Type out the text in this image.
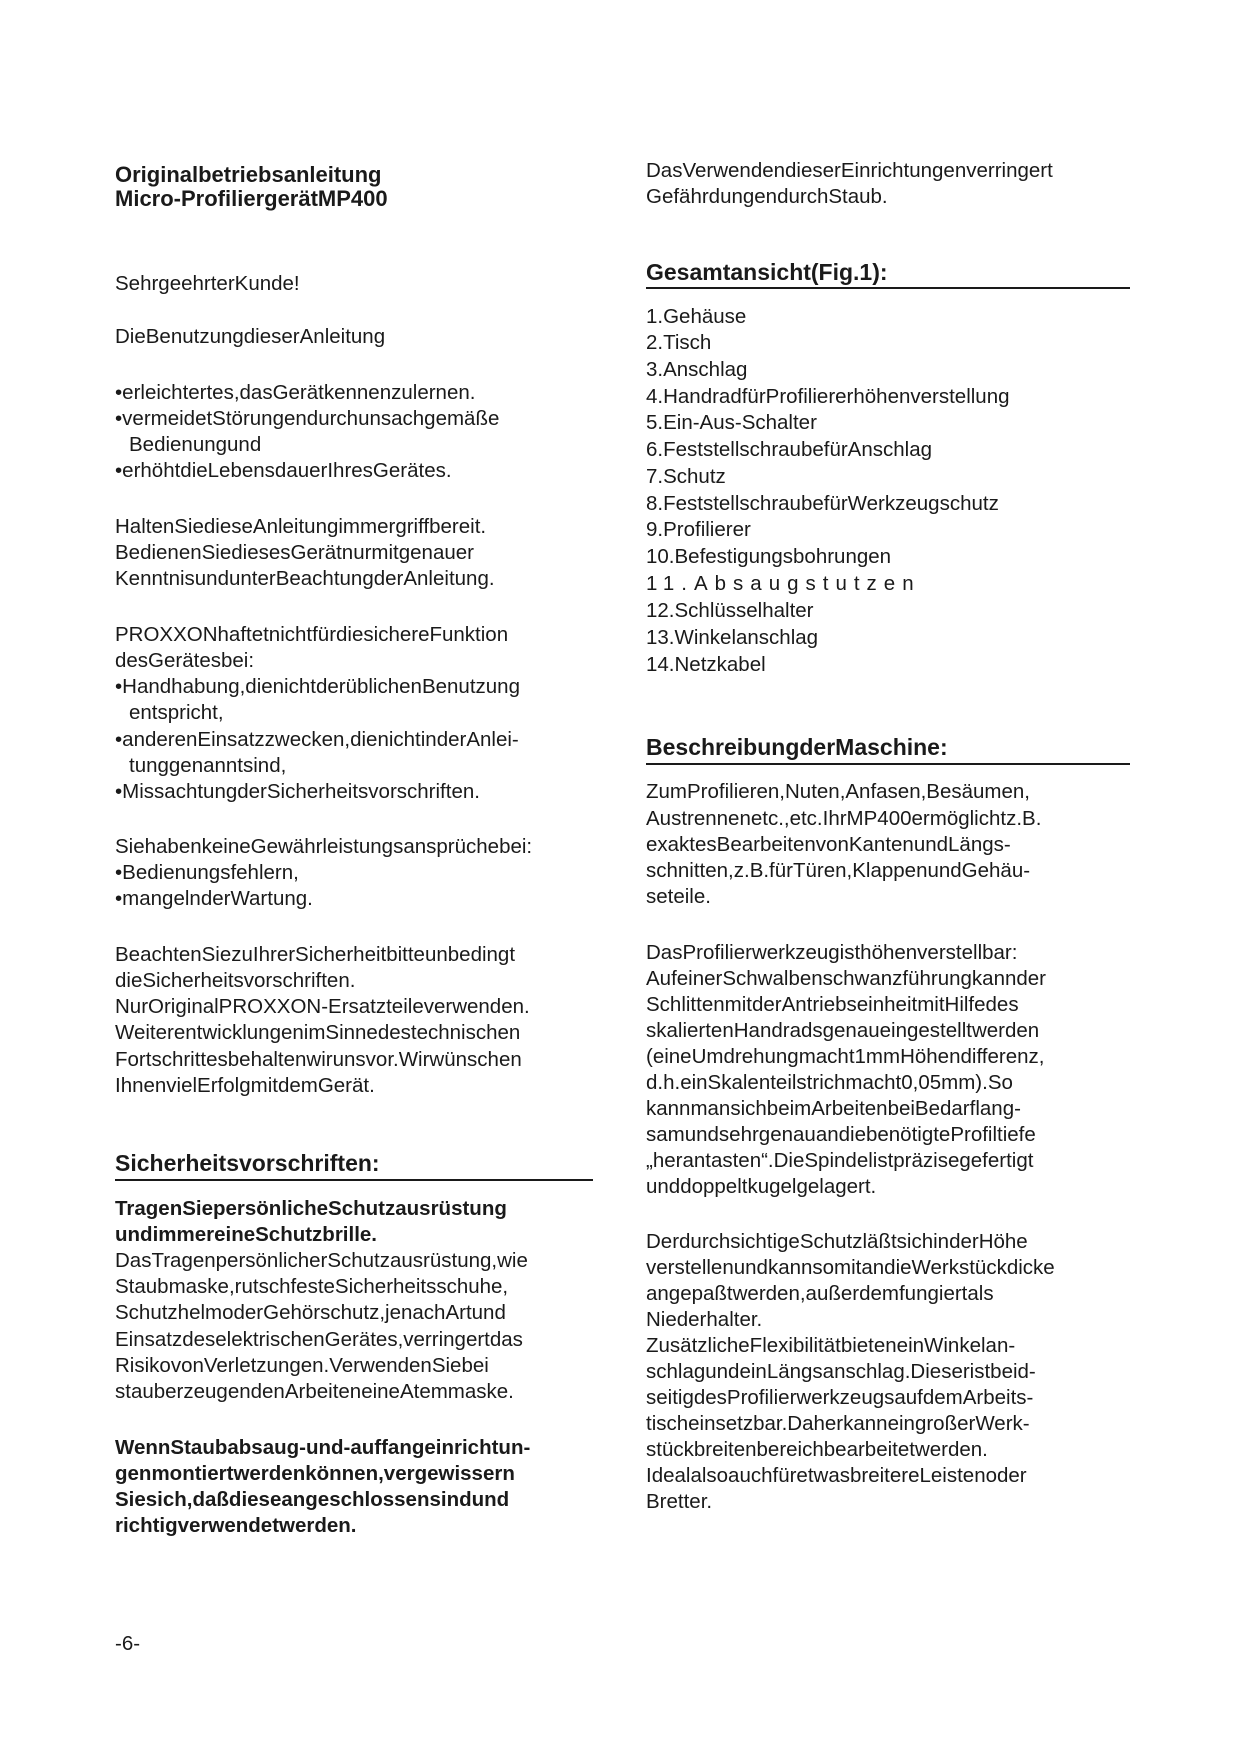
Originalbetriebsanleitung
Micro-ProfiliergerätMP400
SehrgeehrterKunde!
DieBenutzungdieserAnleitung
•erleichtertes,dasGerätkennenzulernen.
•vermeidetStörungendurchunsachgemäße
Bedienungund
•erhöhtdieLebensdauerIhresGerätes.
HaltenSiedieseAnleitungimmergriffbereit.
BedienenSiediesesGerätnurmitgenauer
KenntnisundunterBeachtungderAnleitung.
PROXXONhaftetnichtfürdiesichereFunktion
desGerätesbei:
•Handhabung,dienichtderüblichenBenutzung
entspricht,
•anderenEinsatzzwecken,dienichtinderAnlei-
tunggenanntsind,
•MissachtungderSicherheitsvorschriften.
SiehabenkeineGewährleistungsansprüchebei:
•Bedienungsfehlern,
•mangelnderWartung.
BeachtenSiezuIhrerSicherheitbitteunbedingt
dieSicherheitsvorschriften.
NurOriginalPROXXON-Ersatzteileverwenden.
WeiterentwicklungenimSinnedestechnischen
Fortschrittesbehaltenwirunsvor.Wirwünschen
IhnenvielErfolgmitdemGerät.
Sicherheitsvorschriften:
TragenSiepersönlicheSchutzausrüstung
undimmereineSchutzbrille.
DasTragenpersönlicherSchutzausrüstung,wie
Staubmaske,rutschfesteSicherheitsschuhe,
SchutzhelmoderGehörschutz,jenachArtund
EinsatzdeselektrischenGerätes,verringertdas
RisikovonVerletzungen.VerwendenSiebei
stauberzeugendenArbeiteneineAtemmaske.
WennStaubabsaug-und-auffangeinrichtun-
genmontiertwerdenkönnen,vergewissern
Siesich,daßdieseangeschlossensindund
richtigverwendetwerden.
DasVerwendendieserEinrichtungenverringert
GefährdungendurchStaub.
Gesamtansicht(Fig.1):
1.Gehäuse
2.Tisch
3.Anschlag
4.HandradfürProfiliererhöhenverstellung
5.Ein-Aus-Schalter
6.FeststellschraubefürAnschlag
7.Schutz
8.FeststellschraubefürWerkzeugschutz
9.Profilierer
10.Befestigungsbohrungen
11.Absaugstutzen
12.Schlüsselhalter
13.Winkelanschlag
14.Netzkabel
BeschreibungderMaschine:
ZumProfilieren,Nuten,Anfasen,Besäumen,
Austrennenetc.,etc.IhrMP400ermöglichtz.B.
exaktesBearbeitenvonKantenundLängs-
schnitten,z.B.fürTüren,KlappenundGehäu-
seteile.
DasProfilierwerkzeugisthöhenverstellbar:
AufeinerSchwalbenschwanzführungkannder
SchlittenmitderAntriebseinheitmitHilfedes
skaliertenHandradsgenaueingestelltwerden
(eineUmdrehungmacht1mmHöhendifferenz,
d.h.einSkalenteilstrichmacht0,05mm).So
kannmansichbeimArbeitenbeiBedarflang-
samundsehrgenauandiebenötigteProfiltiefe
„herantasten“.DieSpindelistpräzisegefertigt
unddoppeltkugelgelagert.
DerdurchsichtigeSchutzläßtsichinderHöhe
verstellenundkannsomitandieWerkstückdicke
angepaßtwerden,außerdemfungiertals
Niederhalter.
ZusätzlicheFlexibilitätbieteneinWinkelan-
schlagundeinLängsanschlag.Dieseristbeid-
seitigdesProfilierwerkzeugsaufdemArbeits-
tischeinsetzbar.DaherkanneingroßerWerk-
stückbreitenbereichbearbeitetwerden.
IdealalsoauchfüretwasbreitereLeistenoder
Bretter.
-6-
